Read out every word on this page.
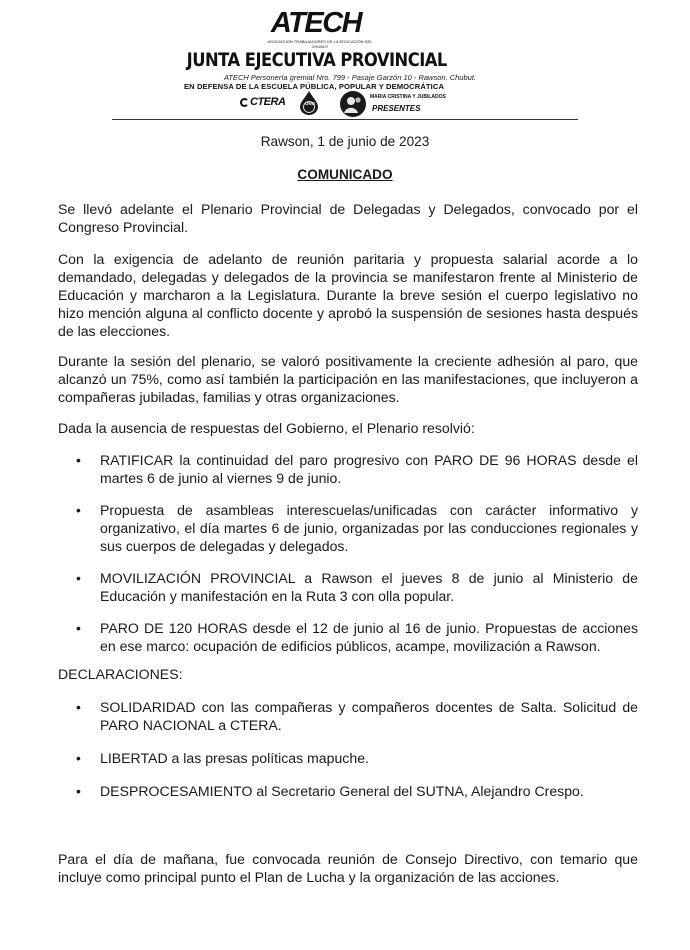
ATECH
ASOCIACIÓN TRABAJADORES DE LA EDUCACIÓN DEL CHUBUT
JUNTA EJECUTIVA PROVINCIAL
ATECH Personería gremial Nro. 799 - Pasaje Garzón 10 - Rawson. Chubut.
EN DEFENSA DE LA ESCUELA PÚBLICA, POPULAR Y DEMOCRÁTICA
CTERA	ONG
MARIA CRISTINA Y JUBILADOS
PRESENTES
Rawson, 1 de junio de 2023
COMUNICADO

Se llevó adelante el Plenario Provincial de Delegadas y Delegados, convocado por el Congreso Provincial.

Con la exigencia de adelanto de reunión paritaria y propuesta salarial acorde a lo demandado, delegadas y delegados de la provincia se manifestaron frente al Ministerio de Educación y marcharon a la Legislatura. Durante la breve sesión el cuerpo legislativo no hizo mención alguna al conflicto docente y aprobó la suspensión de sesiones hasta después de las elecciones.

Durante la sesión del plenario, se valoró positivamente la creciente adhesión al paro, que alcanzó un 75%, como así también la participación en las manifestaciones, que incluyeron a compañeras jubiladas, familias y otras organizaciones.

Dada la ausencia de respuestas del Gobierno, el Plenario resolvió:

• RATIFICAR la continuidad del paro progresivo con PARO DE 96 HORAS desde el martes 6 de junio al viernes 9 de junio.
• Propuesta de asambleas interescuelas/unificadas con carácter informativo y organizativo, el día martes 6 de junio, organizadas por las conducciones regionales y sus cuerpos de delegadas y delegados.
• MOVILIZACIÓN PROVINCIAL a Rawson el jueves 8 de junio al Ministerio de Educación y manifestación en la Ruta 3 con olla popular.
• PARO DE 120 HORAS desde el 12 de junio al 16 de junio. Propuestas de acciones en ese marco: ocupación de edificios públicos, acampe, movilización a Rawson.

DECLARACIONES:

• SOLIDARIDAD con las compañeras y compañeros docentes de Salta. Solicitud de PARO NACIONAL a CTERA.
• LIBERTAD a las presas políticas mapuche.
• DESPROCESAMIENTO al Secretario General del SUTNA, Alejandro Crespo.

Para el día de mañana, fue convocada reunión de Consejo Directivo, con temario que incluye como principal punto el Plan de Lucha y la organización de las acciones.
